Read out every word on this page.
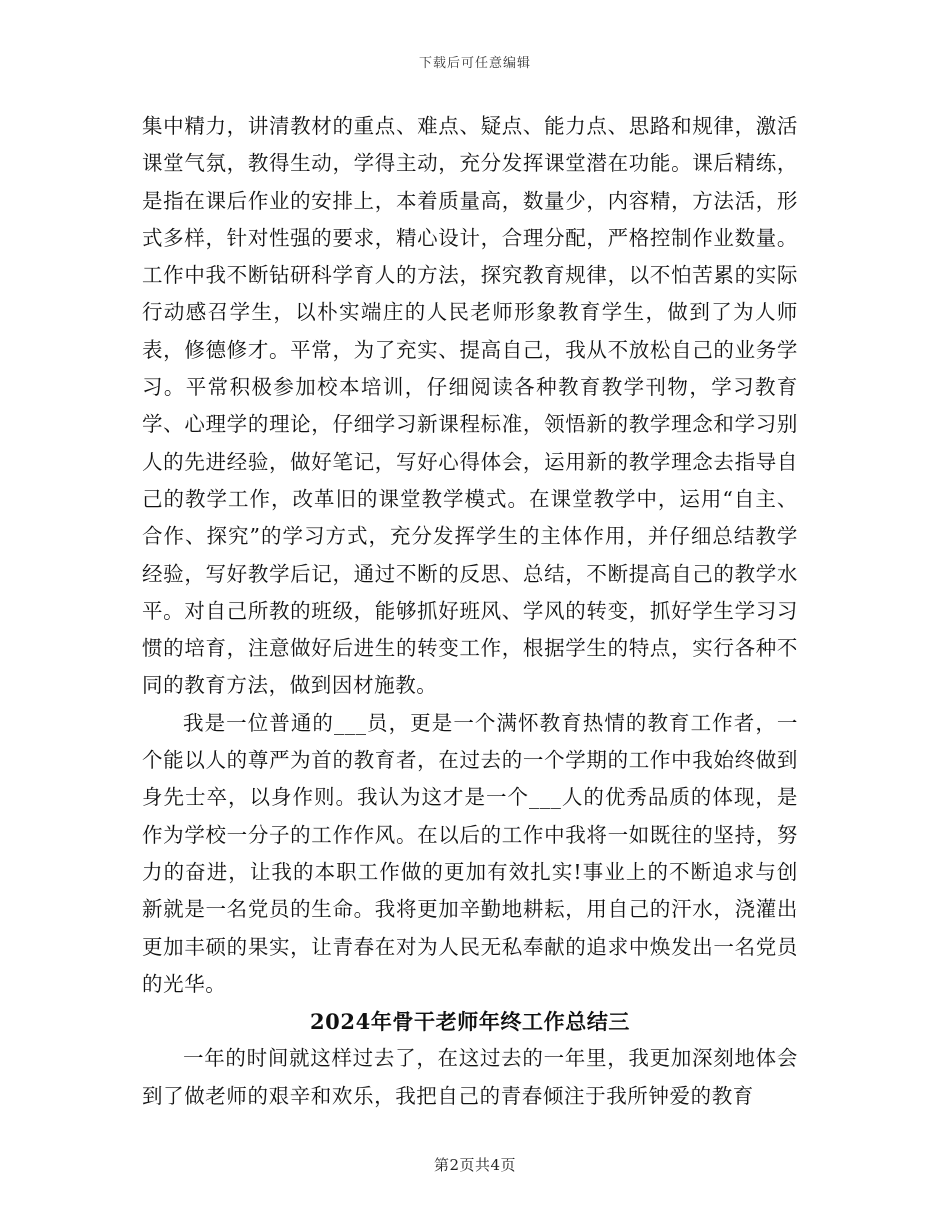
下载后可任意编辑

集中精力，讲清教材的重点、难点、疑点、能力点、思路和规律，激活课堂气氛，教得生动，学得主动，充分发挥课堂潜在功能。课后精练，是指在课后作业的安排上，本着质量高，数量少，内容精，方法活，形式多样，针对性强的要求，精心设计，合理分配，严格控制作业数量。工作中我不断钻研科学育人的方法，探究教育规律，以不怕苦累的实际行动感召学生，以朴实端庄的人民老师形象教育学生，做到了为人师表，修德修才。平常，为了充实、提高自己，我从不放松自己的业务学习。平常积极参加校本培训，仔细阅读各种教育教学刊物，学习教育学、心理学的理论，仔细学习新课程标准，领悟新的教学理念和学习别人的先进经验，做好笔记，写好心得体会，运用新的教学理念去指导自己的教学工作，改革旧的课堂教学模式。在课堂教学中，运用“自主、合作、探究”的学习方式，充分发挥学生的主体作用，并仔细总结教学经验，写好教学后记，通过不断的反思、总结，不断提高自己的教学水平。对自己所教的班级，能够抓好班风、学风的转变，抓好学生学习习惯的培育，注意做好后进生的转变工作，根据学生的特点，实行各种不同的教育方法，做到因材施教。

我是一位普通的___员，更是一个满怀教育热情的教育工作者，一个能以人的尊严为首的教育者，在过去的一个学期的工作中我始终做到身先士卒，以身作则。我认为这才是一个___人的优秀品质的体现，是作为学校一分子的工作作风。在以后的工作中我将一如既往的坚持，努力的奋进，让我的本职工作做的更加有效扎实!事业上的不断追求与创新就是一名党员的生命。我将更加辛勤地耕耘，用自己的汗水，浇灌出更加丰硕的果实，让青春在对为人民无私奉献的追求中焕发出一名党员的光华。

2024年骨干老师年终工作总结三

一年的时间就这样过去了，在这过去的一年里，我更加深刻地体会到了做老师的艰辛和欢乐，我把自己的青春倾注于我所钟爱的教育

第2页共4页
